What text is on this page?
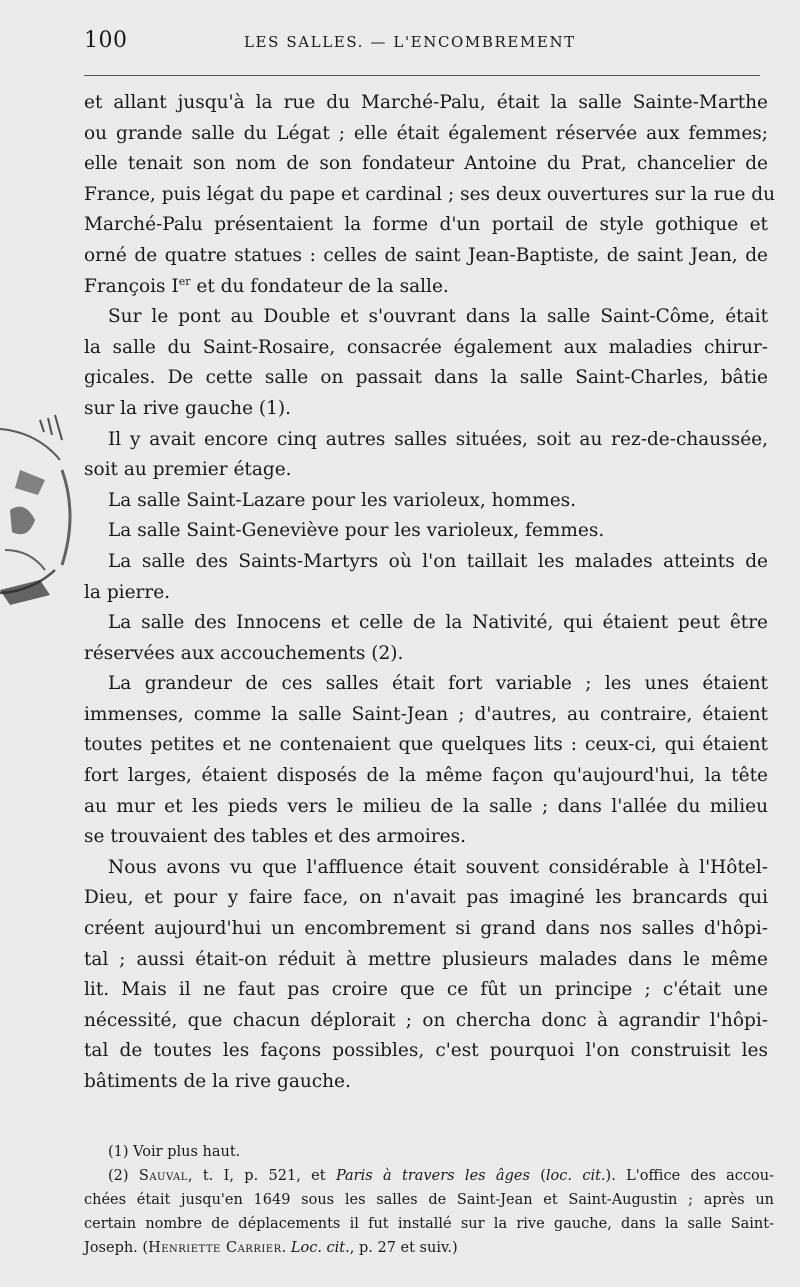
100	LES SALLES. — L'ENCOMBREMENT
et allant jusqu'à la rue du Marché-Palu, était la salle Sainte-Marthe
ou grande salle du Légat ; elle était également réservée aux femmes;
elle tenait son nom de son fondateur Antoine du Prat, chancelier de
France, puis légat du pape et cardinal ; ses deux ouvertures sur la rue du
Marché-Palu présentaient la forme d'un portail de style gothique et
orné de quatre statues : celles de saint Jean-Baptiste, de saint Jean, de
François Ier et du fondateur de la salle.
Sur le pont au Double et s'ouvrant dans la salle Saint-Côme, était
la salle du Saint-Rosaire, consacrée également aux maladies chirur-
gicales. De cette salle on passait dans la salle Saint-Charles, bâtie
sur la rive gauche (1).
Il y avait encore cinq autres salles situées, soit au rez-de-chaussée,
soit au premier étage.
La salle Saint-Lazare pour les varioleux, hommes.
La salle Saint-Geneviève pour les varioleux, femmes.
La salle des Saints-Martyrs où l'on taillait les malades atteints de
la pierre.
La salle des Innocens et celle de la Nativité, qui étaient peut être
réservées aux accouchements (2).
La grandeur de ces salles était fort variable ; les unes étaient
immenses, comme la salle Saint-Jean ; d'autres, au contraire, étaient
toutes petites et ne contenaient que quelques lits : ceux-ci, qui étaient
fort larges, étaient disposés de la même façon qu'aujourd'hui, la tête
au mur et les pieds vers le milieu de la salle ; dans l'allée du milieu
se trouvaient des tables et des armoires.
Nous avons vu que l'affluence était souvent considérable à l'Hôtel-
Dieu, et pour y faire face, on n'avait pas imaginé les brancards qui
créent aujourd'hui un encombrement si grand dans nos salles d'hôpi-
tal ; aussi était-on réduit à mettre plusieurs malades dans le même
lit. Mais il ne faut pas croire que ce fût un principe ; c'était une
nécessité, que chacun déplorait ; on chercha donc à agrandir l'hôpi-
tal de toutes les façons possibles, c'est pourquoi l'on construisit les
bâtiments de la rive gauche.
(1) Voir plus haut.
(2) Sauval, t. I, p. 521, et Paris à travers les âges (loc. cit.). L'office des accou-
chées était jusqu'en 1649 sous les salles de Saint-Jean et Saint-Augustin ; après un
certain nombre de déplacements il fut installé sur la rive gauche, dans la salle Saint-
Joseph. (Henriette Carrier. Loc. cit., p. 27 et suiv.)
